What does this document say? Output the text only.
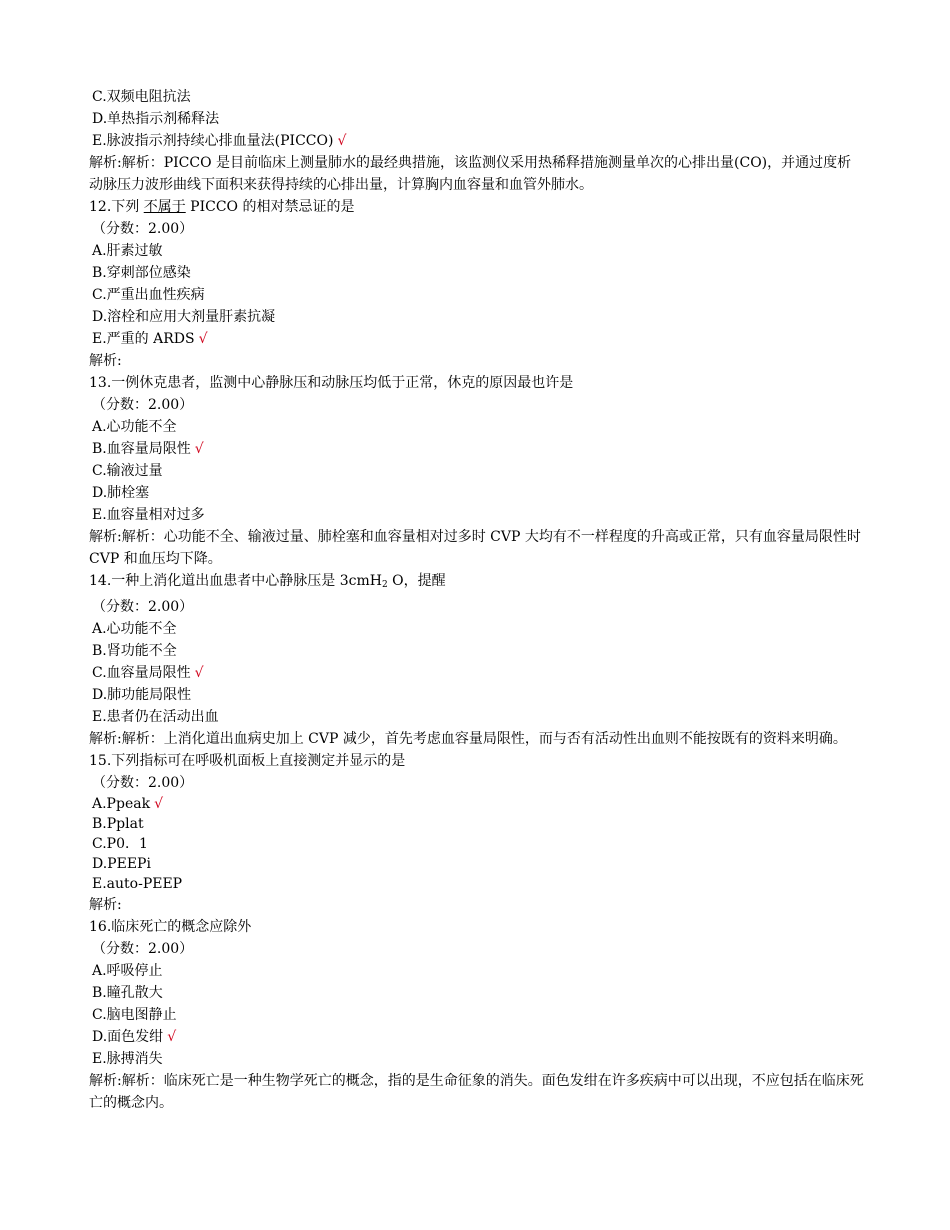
C.双频电阻抗法

D.单热指示剂稀释法

E.脉波指示剂持续心排血量法(PICCO) √

解析:解析：PICCO 是目前临床上测量肺水的最经典措施，该监测仪采用热稀释措施测量单次的心排出量(CO)，并通过度析动脉压力波形曲线下面积来获得持续的心排出量，计算胸内血容量和血管外肺水。

12.下列 不属于 PICCO 的相对禁忌证的是

（分数：2.00）

A.肝素过敏

B.穿刺部位感染

C.严重出血性疾病

D.溶栓和应用大剂量肝素抗凝

E.严重的 ARDS √

解析:

13.一例休克患者，监测中心静脉压和动脉压均低于正常，休克的原因最也许是

（分数：2.00）

A.心功能不全

B.血容量局限性 √

C.输液过量

D.肺栓塞

E.血容量相对过多

解析:解析：心功能不全、输液过量、肺栓塞和血容量相对过多时 CVP 大均有不一样程度的升高或正常，只有血容量局限性时 CVP 和血压均下降。

14.一种上消化道出血患者中心静脉压是 3cmH$_2$ O，提醒

（分数：2.00）

A.心功能不全

B.肾功能不全

C.血容量局限性 √

D.肺功能局限性

E.患者仍在活动出血

解析:解析：上消化道出血病史加上 CVP 减少，首先考虑血容量局限性，而与否有活动性出血则不能按既有的资料来明确。

15.下列指标可在呼吸机面板上直接测定并显示的是

（分数：2.00）

A.Ppeak √

B.Pplat

C.P0．1

D.PEEPi

E.auto-PEEP

解析:

16.临床死亡的概念应除外

（分数：2.00）

A.呼吸停止

B.瞳孔散大

C.脑电图静止

D.面色发绀 √

E.脉搏消失

解析:解析：临床死亡是一种生物学死亡的概念，指的是生命征象的消失。面色发绀在许多疾病中可以出现，不应包括在临床死亡的概念内。
